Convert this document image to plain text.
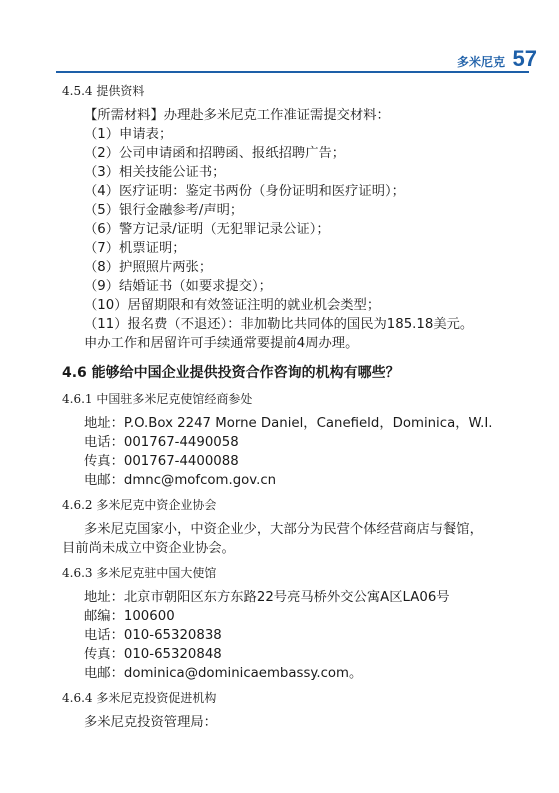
多米尼克 57

4.5.4 提供资料

【所需材料】办理赴多米尼克工作准证需提交材料：

（1）申请表；
（2）公司申请函和招聘函、报纸招聘广告；
（3）相关技能公证书；
（4）医疗证明：鉴定书两份（身份证明和医疗证明）；
（5）银行金融参考/声明；
（6）警方记录/证明（无犯罪记录公证）；
（7）机票证明；
（8）护照照片两张；
（9）结婚证书（如要求提交）；
（10）居留期限和有效签证注明的就业机会类型；
（11）报名费（不退还）：非加勒比共同体的国民为185.18美元。

申办工作和居留许可手续通常要提前4周办理。

4.6 能够给中国企业提供投资合作咨询的机构有哪些？

4.6.1 中国驻多米尼克使馆经商参处

地址：P.O.Box 2247 Morne Daniel，Canefield，Dominica，W.I.

电话：001767-4490058

传真：001767-4400088

电邮：dmnc@mofcom.gov.cn

4.6.2 多米尼克中资企业协会

多米尼克国家小，中资企业少，大部分为民营个体经营商店与餐馆，

目前尚未成立中资企业协会。

4.6.3 多米尼克驻中国大使馆

地址：北京市朝阳区东方东路22号亮马桥外交公寓A区LA06号

邮编：100600

电话：010-65320838

传真：010-65320848

电邮：dominica@dominicaembassy.com。

4.6.4 多米尼克投资促进机构

多米尼克投资管理局：
